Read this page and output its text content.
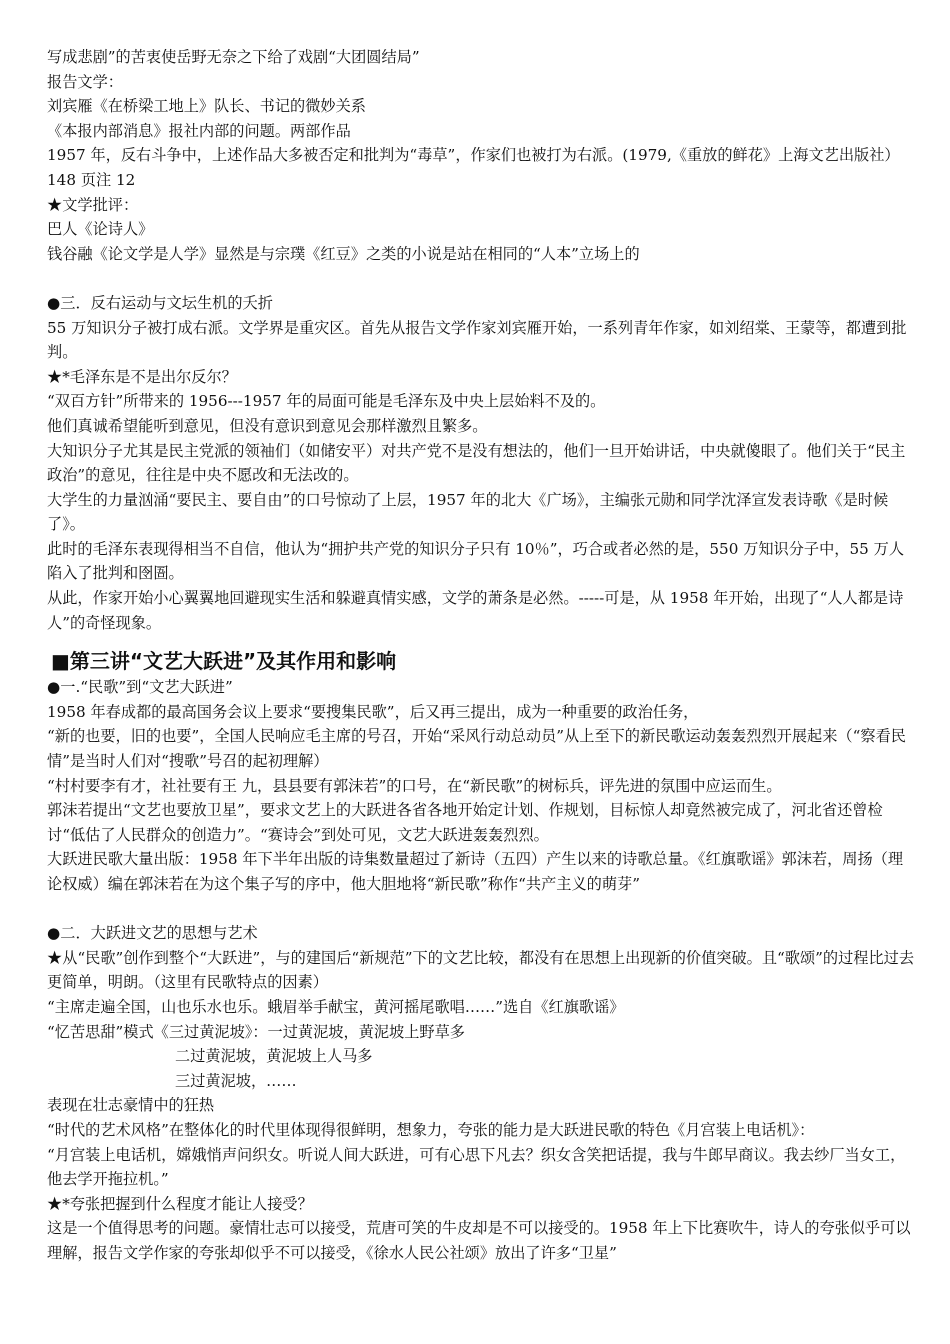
写成悲剧”的苦衷使岳野无奈之下给了戏剧“大团圆结局”

报告文学：

刘宾雁《在桥梁工地上》队长、书记的微妙关系

《本报内部消息》报社内部的问题。两部作品

1957 年，反右斗争中，上述作品大多被否定和批判为“毒草”，作家们也被打为右派。(1979,《重放的鲜花》上海文艺出版社）148 页注 12

★文学批评：

巴人《论诗人》

钱谷融《论文学是人学》显然是与宗璞《红豆》之类的小说是站在相同的“人本”立场上的

●三．反右运动与文坛生机的夭折

55 万知识分子被打成右派。文学界是重灾区。首先从报告文学作家刘宾雁开始，一系列青年作家，如刘绍棠、王蒙等，都遭到批判。

★*毛泽东是不是出尔反尔？

“双百方针”所带来的 1956---1957 年的局面可能是毛泽东及中央上层始料不及的。

他们真诚希望能听到意见，但没有意识到意见会那样激烈且繁多。

大知识分子尤其是民主党派的领袖们（如储安平）对共产党不是没有想法的，他们一旦开始讲话，中央就傻眼了。他们关于“民主政治”的意见，往往是中央不愿改和无法改的。

大学生的力量汹涌“要民主、要自由”的口号惊动了上层，1957 年的北大《广场》，主编张元勋和同学沈泽宣发表诗歌《是时候了》。

此时的毛泽东表现得相当不自信，他认为“拥护共产党的知识分子只有 10％”，巧合或者必然的是，550 万知识分子中，55 万人陷入了批判和囹圄。

从此，作家开始小心翼翼地回避现实生活和躲避真情实感，文学的萧条是必然。-----可是，从 1958 年开始，出现了“人人都是诗人”的奇怪现象。

■第三讲“文艺大跃进”及其作用和影响

●一.“民歌”到“文艺大跃进”

1958 年春成都的最高国务会议上要求“要搜集民歌”，后又再三提出，成为一种重要的政治任务，

“新的也要，旧的也要”，全国人民响应毛主席的号召，开始“采风行动总动员”从上至下的新民歌运动轰轰烈烈开展起来（“察看民情”是当时人们对“搜歌”号召的起初理解）

“村村要李有才，社社要有王 九，县县要有郭沫若”的口号，在“新民歌”的树标兵，评先进的氛围中应运而生。

郭沫若提出“文艺也要放卫星”，要求文艺上的大跃进各省各地开始定计划、作规划，目标惊人却竟然被完成了，河北省还曾检讨“低估了人民群众的创造力”。“赛诗会”到处可见，文艺大跃进轰轰烈烈。

大跃进民歌大量出版：1958 年下半年出版的诗集数量超过了新诗（五四）产生以来的诗歌总量。《红旗歌谣》郭沫若，周扬（理论权威）编在郭沫若在为这个集子写的序中，他大胆地将“新民歌”称作“共产主义的萌芽”

●二．大跃进文艺的思想与艺术

★从“民歌”创作到整个“大跃进”，与的建国后“新规范”下的文艺比较，都没有在思想上出现新的价值突破。且“歌颂”的过程比过去更简单，明朗。（这里有民歌特点的因素）

“主席走遍全国，山也乐水也乐。蛾眉举手献宝，黄河摇尾歌唱……”选自《红旗歌谣》

“忆苦思甜”模式《三过黄泥坡》：一过黄泥坡，黄泥坡上野草多

二过黄泥坡，黄泥坡上人马多

三过黄泥坡，……

表现在壮志豪情中的狂热

“时代的艺术风格”在整体化的时代里体现得很鲜明，想象力，夸张的能力是大跃进民歌的特色《月宫装上电话机》：

“月宫装上电话机，嫦娥悄声问织女。听说人间大跃进，可有心思下凡去？织女含笑把话提，我与牛郎早商议。我去纱厂当女工，他去学开拖拉机。”

★*夸张把握到什么程度才能让人接受？

这是一个值得思考的问题。豪情壮志可以接受，荒唐可笑的牛皮却是不可以接受的。1958 年上下比赛吹牛，诗人的夸张似乎可以理解，报告文学作家的夸张却似乎不可以接受，《徐水人民公社颂》放出了许多“卫星”
